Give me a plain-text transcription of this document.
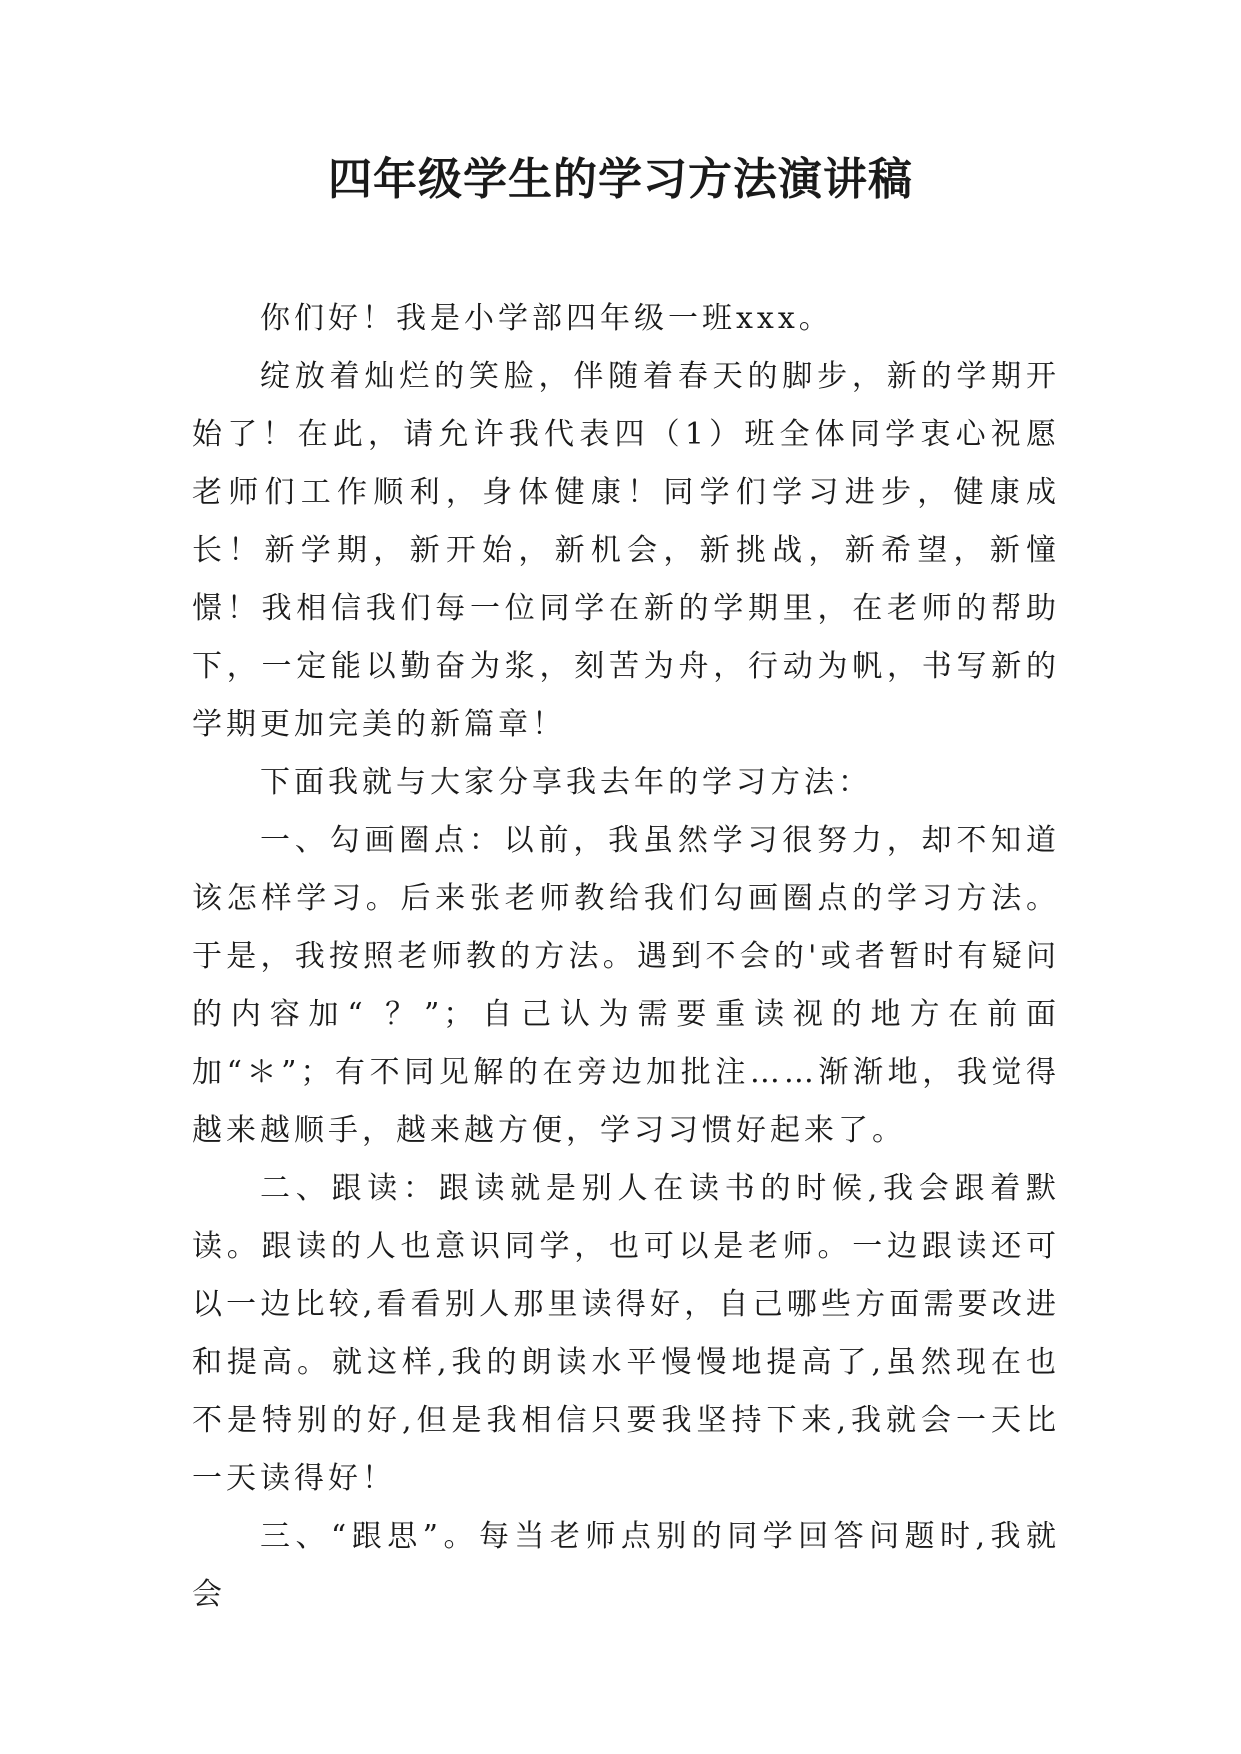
四年级学生的学习方法演讲稿

你们好！我是小学部四年级一班xxx。

绽放着灿烂的笑脸，伴随着春天的脚步，新的学期开始了！在此，请允许我代表四（1）班全体同学衷心祝愿老师们工作顺利，身体健康！同学们学习进步，健康成长！新学期，新开始，新机会，新挑战，新希望，新憧憬！我相信我们每一位同学在新的学期里，在老师的帮助下，一定能以勤奋为浆，刻苦为舟，行动为帆，书写新的学期更加完美的新篇章！

下面我就与大家分享我去年的学习方法：

一、勾画圈点：以前，我虽然学习很努力，却不知道该怎样学习。后来张老师教给我们勾画圈点的学习方法。于是，我按照老师教的方法。遇到不会的'或者暂时有疑问的内容加“ ？”；自己认为需要重读视的地方在前面加“＊”；有不同见解的在旁边加批注……渐渐地，我觉得越来越顺手，越来越方便，学习习惯好起来了。

二、跟读：跟读就是别人在读书的时候,我会跟着默读。跟读的人也意识同学，也可以是老师。一边跟读还可以一边比较,看看别人那里读得好，自己哪些方面需要改进和提高。就这样,我的朗读水平慢慢地提高了,虽然现在也不是特别的好,但是我相信只要我坚持下来,我就会一天比一天读得好！

三、“跟思”。每当老师点别的同学回答问题时,我就会
